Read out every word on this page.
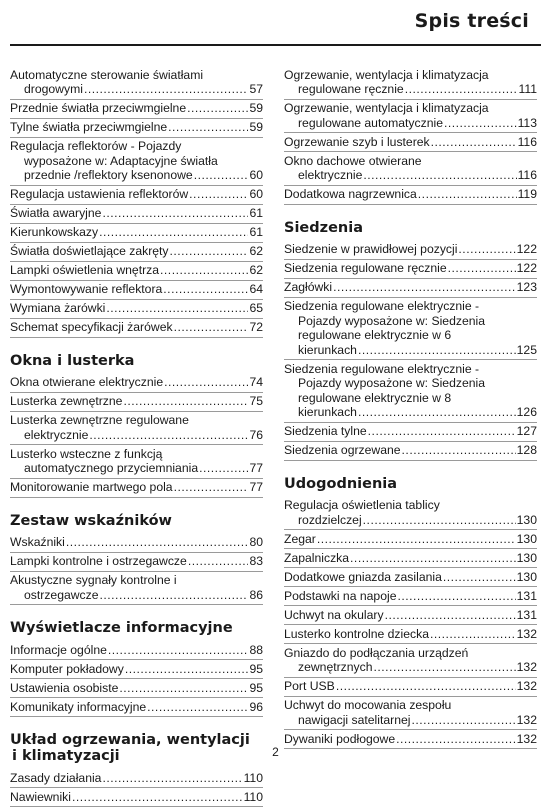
Spis treści
Automatyczne sterowanie światłami
drogowymi .....	57
Przednie światła przeciwmgielne .....	59
Tylne światła przeciwmgielne .....	59
Regulacja reflektorów - Pojazdy
wyposażone w: Adaptacyjne światła
przednie /reflektory ksenonowe .....	60
Regulacja ustawienia reflektorów .....	60
Światła awaryjne .....	61
Kierunkowskazy .....	61
Światła doświetlające zakręty .....	62
Lampki oświetlenia wnętrza .....	62
Wymontowywanie reflektora .....	64
Wymiana żarówki .....	65
Schemat specyfikacji żarówek .....	72
Okna i lusterka
Okna otwierane elektrycznie .....	74
Lusterka zewnętrzne .....	75
Lusterka zewnętrzne regulowane
elektrycznie .....	76
Lusterko wsteczne z funkcją
automatycznego przyciemniania .....	77
Monitorowanie martwego pola .....	77
Zestaw wskaźników
Wskaźniki .....	80
Lampki kontrolne i ostrzegawcze .....	83
Akustyczne sygnały kontrolne i
ostrzegawcze .....	86
Wyświetlacze informacyjne
Informacje ogólne .....	88
Komputer pokładowy .....	95
Ustawienia osobiste .....	95
Komunikaty informacyjne .....	96
Układ ogrzewania, wentylacji
i klimatyzacji
Zasady działania .....	110
Nawiewniki .....	110
Ogrzewanie, wentylacja i klimatyzacja
regulowane ręcznie .....	111
Ogrzewanie, wentylacja i klimatyzacja
regulowane automatycznie .....	113
Ogrzewanie szyb i lusterek .....	116
Okno dachowe otwierane
elektrycznie .....	116
Dodatkowa nagrzewnica .....	119
Siedzenia
Siedzenie w prawidłowej pozycji .....	122
Siedzenia regulowane ręcznie .....	122
Zagłówki .....	123
Siedzenia regulowane elektrycznie -
Pojazdy wyposażone w: Siedzenia
regulowane elektrycznie w 6
kierunkach .....	125
Siedzenia regulowane elektrycznie -
Pojazdy wyposażone w: Siedzenia
regulowane elektrycznie w 8
kierunkach .....	126
Siedzenia tylne .....	127
Siedzenia ogrzewane .....	128
Udogodnienia
Regulacja oświetlenia tablicy
rozdzielczej .....	130
Zegar .....	130
Zapalniczka .....	130
Dodatkowe gniazda zasilania .....	130
Podstawki na napoje .....	131
Uchwyt na okulary .....	131
Lusterko kontrolne dziecka .....	132
Gniazdo do podłączania urządzeń
zewnętrznych .....	132
Port USB .....	132
Uchwyt do mocowania zespołu
nawigacji satelitarnej .....	132
Dywaniki podłogowe .....	132
2
